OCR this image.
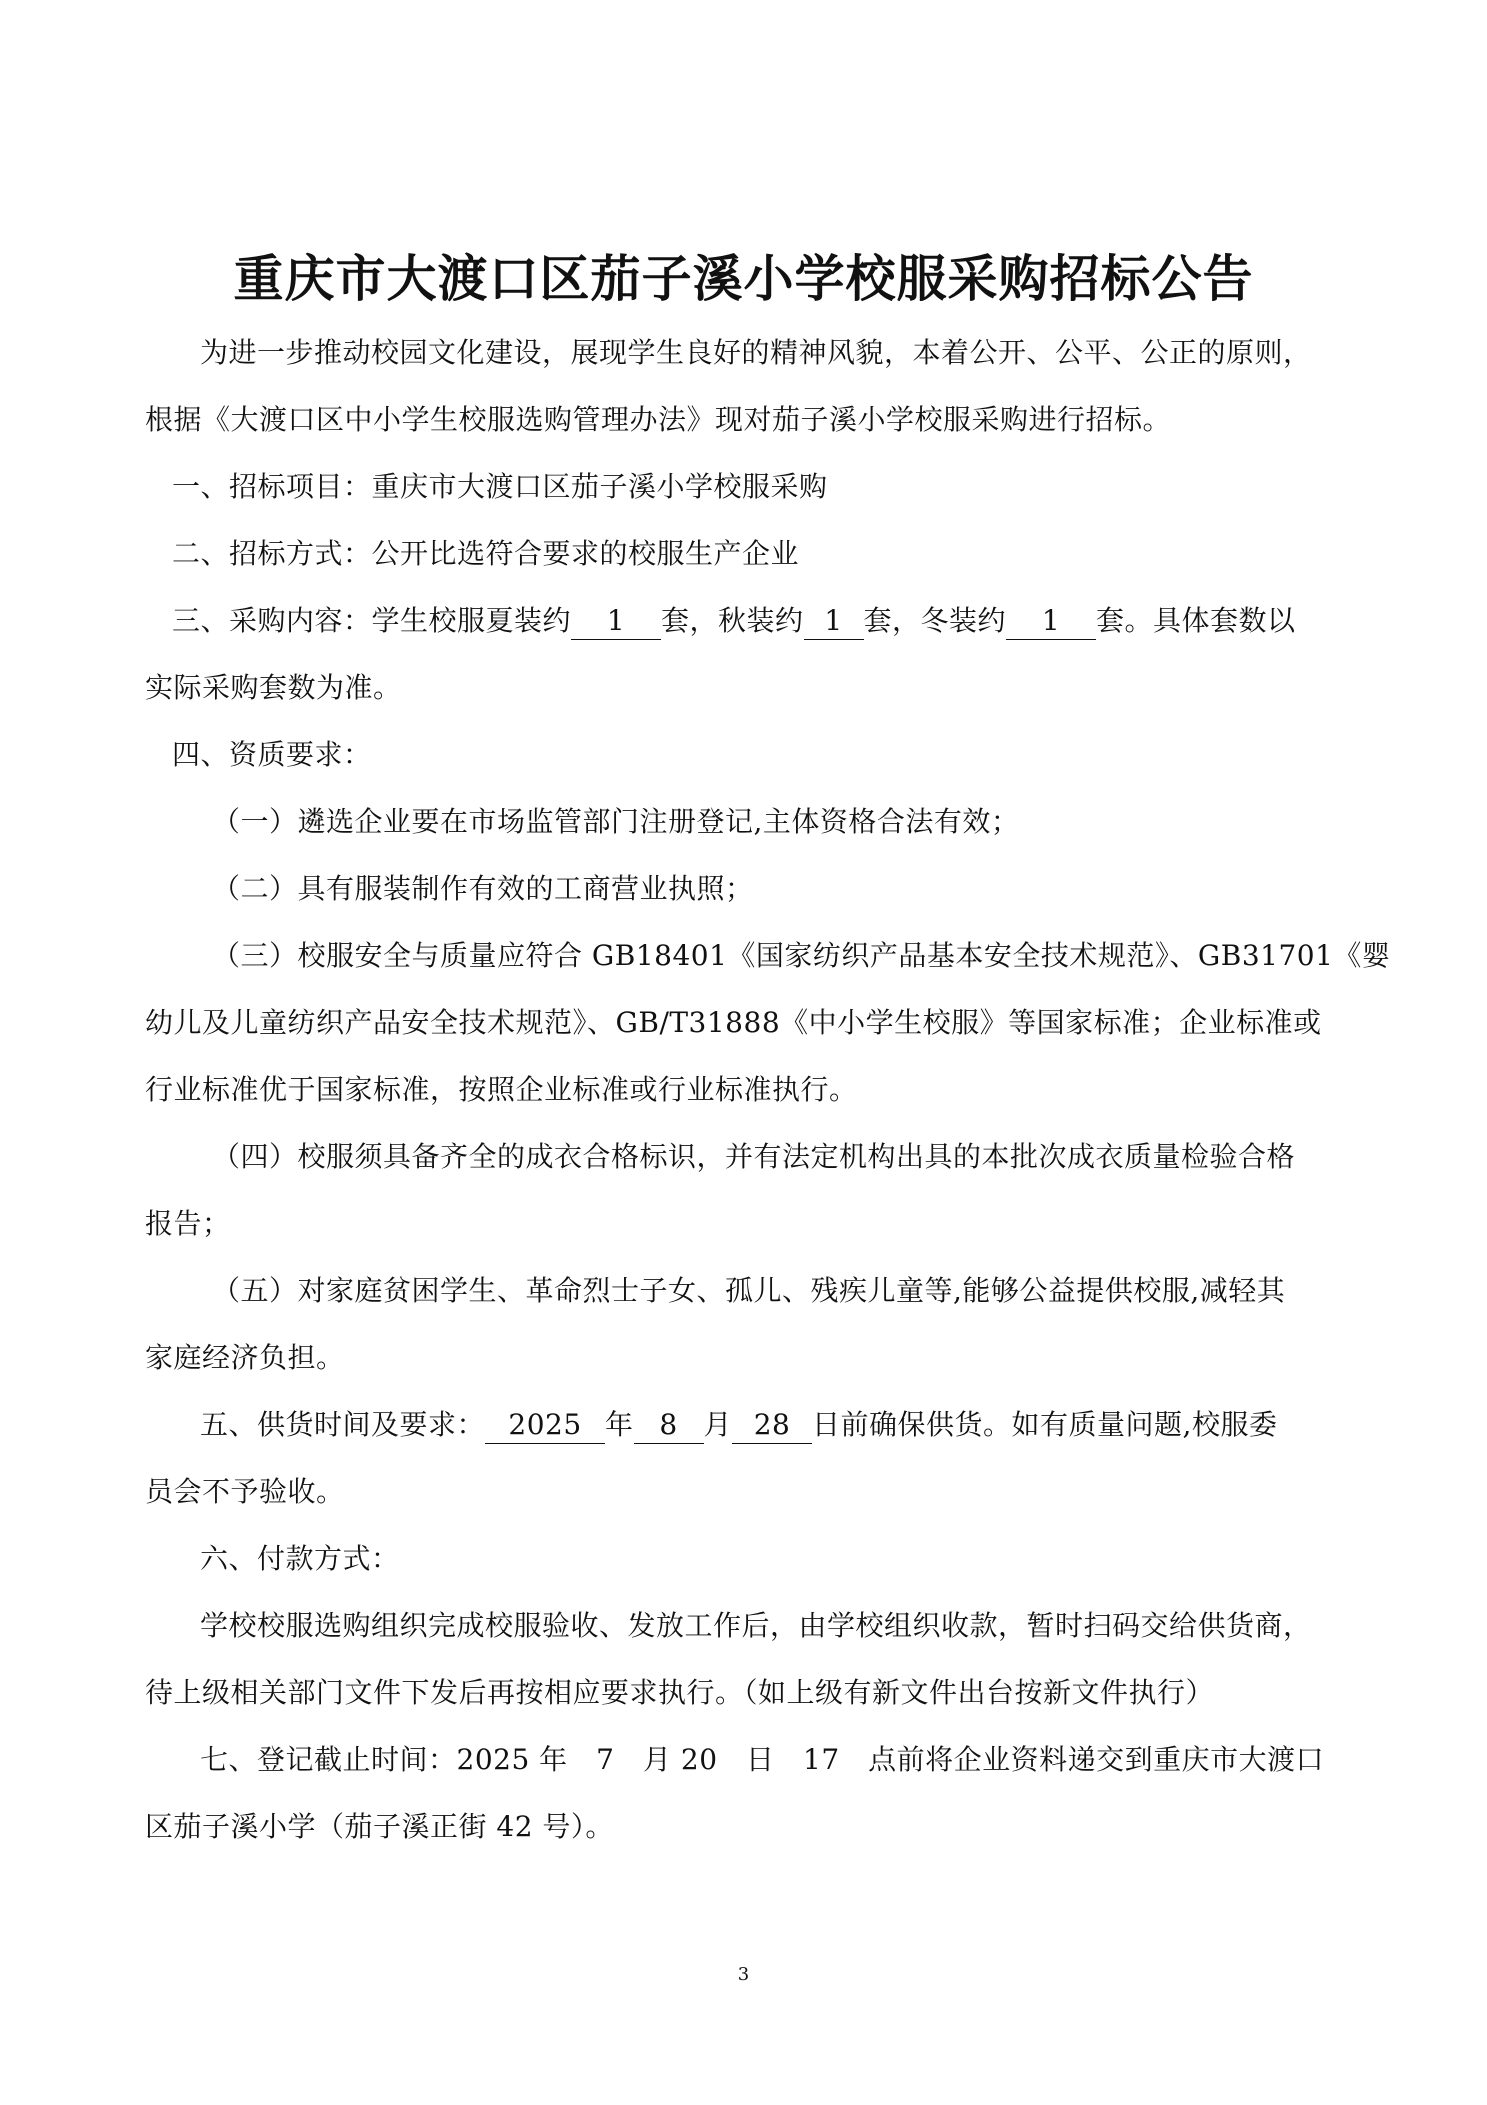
重庆市大渡口区茄子溪小学校服采购招标公告
为进一步推动校园文化建设，展现学生良好的精神风貌，本着公开、公平、公正的原则，
根据《大渡口区中小学生校服选购管理办法》现对茄子溪小学校服采购进行招标。
一、招标项目：重庆市大渡口区茄子溪小学校服采购
二、招标方式：公开比选符合要求的校服生产企业
三、采购内容：学生校服夏装约 1 套，秋装约 1 套，冬装约 1 套。具体套数以
实际采购套数为准。
四、资质要求：
（一）遴选企业要在市场监管部门注册登记,主体资格合法有效；
（二）具有服装制作有效的工商营业执照；
（三）校服安全与质量应符合 GB18401《国家纺织产品基本安全技术规范》、GB31701《婴
幼儿及儿童纺织产品安全技术规范》、GB/T31888《中小学生校服》等国家标准；企业标准或
行业标准优于国家标准，按照企业标准或行业标准执行。
（四）校服须具备齐全的成衣合格标识，并有法定机构出具的本批次成衣质量检验合格
报告；
（五）对家庭贫困学生、革命烈士子女、孤儿、残疾儿童等,能够公益提供校服,减轻其
家庭经济负担。
五、供货时间及要求： 2025 年 8 月 28 日前确保供货。如有质量问题,校服委
员会不予验收。
六、付款方式：
学校校服选购组织完成校服验收、发放工作后，由学校组织收款，暂时扫码交给供货商，
待上级相关部门文件下发后再按相应要求执行。（如上级有新文件出台按新文件执行）
七、登记截止时间：2025 年　7　月 20　日　17　点前将企业资料递交到重庆市大渡口
区茄子溪小学（茄子溪正街 42 号）。
3
